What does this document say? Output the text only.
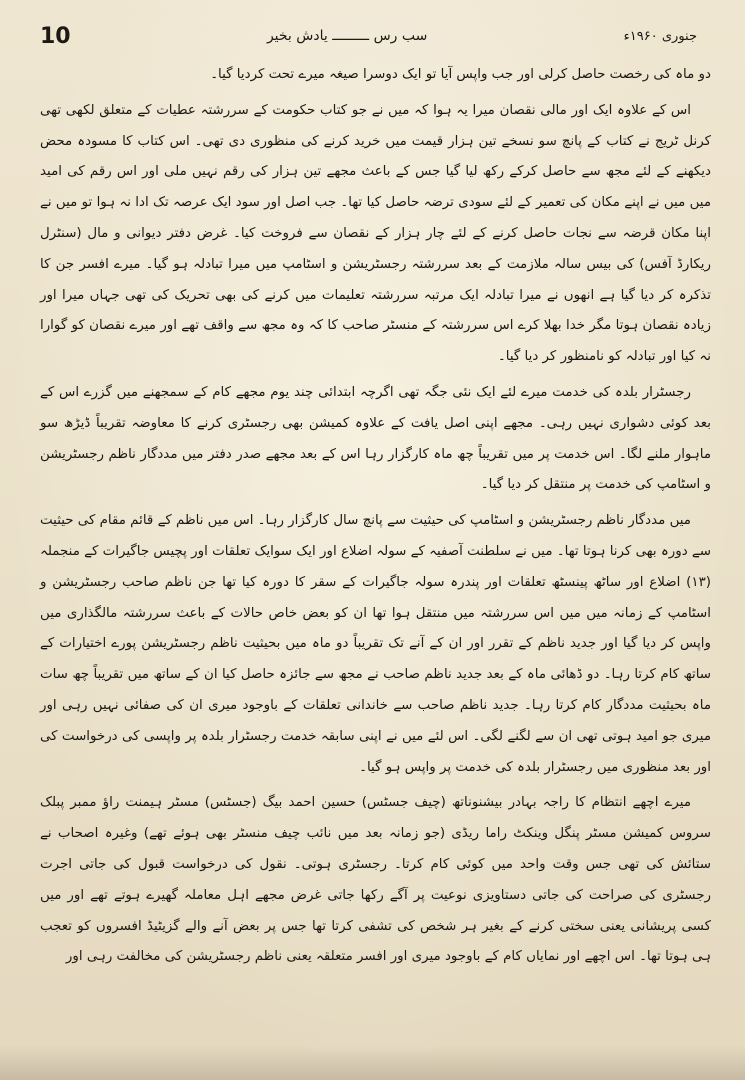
10	سب رس ـــــــــ یادش بخیر	جنوری ۱۹۶۰ء

دو ماہ کی رخصت حاصل کرلی اور جب واپس آیا تو ایک دوسرا صیغہ میرے تحت کردیا گیا۔

اس کے علاوہ ایک اور مالی نقصان میرا یہ ہوا کہ میں نے جو کتاب حکومت کے سررشتہ عطیات کے متعلق لکھی تھی کرنل ٹریج نے کتاب کے پانچ سو نسخے تین ہزار قیمت میں خرید کرنے کی منظوری دی تھی۔ اس کتاب کا مسودہ محض دیکھنے کے لئے مجھ سے حاصل کرکے رکھ لیا گیا جس کے باعث مجھے تین ہزار کی رقم نہیں ملی اور اس رقم کی امید میں میں نے اپنے مکان کی تعمیر کے لئے سودی ترضہ حاصل کیا تھا۔ جب اصل اور سود ایک عرصہ تک ادا نہ ہوا تو میں نے اپنا مکان قرضہ سے نجات حاصل کرنے کے لئے چار ہزار کے نقصان سے فروخت کیا۔ غرض دفتر دیوانی و مال (سنٹرل ریکارڈ آفس) کی بیس سالہ ملازمت کے بعد سررشتہ رجسٹریشن و اسٹامپ میں میرا تبادلہ ہو گیا۔ میرے افسر جن کا تذکرہ کر دیا گیا ہے انھوں نے میرا تبادلہ ایک مرتبہ سررشتہ تعلیمات میں کرنے کی بھی تحریک کی تھی جہاں میرا اور زیادہ نقصان ہوتا مگر خدا بھلا کرے اس سررشتہ کے منسٹر صاحب کا کہ وہ مجھ سے واقف تھے اور میرے نقصان کو گوارا نہ کیا اور تبادلہ کو نامنظور کر دیا گیا۔

رجسٹرار بلدہ کی خدمت میرے لئے ایک نئی جگہ تھی اگرچہ ابتدائی چند یوم مجھے کام کے سمجھنے میں گزرے اس کے بعد کوئی دشواری نہیں رہی۔ مجھے اپنی اصل یافت کے علاوہ کمیشن بھی رجسٹری کرنے کا معاوضہ تقریباً ڈیڑھ سو ماہوار ملنے لگا۔ اس خدمت پر میں تقریباً چھ ماہ کارگزار رہا اس کے بعد مجھے صدر دفتر میں مددگار ناظم رجسٹریشن و اسٹامپ کی خدمت پر منتقل کر دیا گیا۔

میں مددگار ناظم رجسٹریشن و اسٹامپ کی حیثیت سے پانچ سال کارگزار رہا۔ اس میں ناظم کے قائم مقام کی حیثیت سے دورہ بھی کرنا ہوتا تھا۔ میں نے سلطنت آصفیہ کے سولہ اضلاع اور ایک سوایک تعلقات اور پچیس جاگیرات کے منجملہ (۱۳) اضلاع اور ساٹھ پینسٹھ تعلقات اور پندرہ سولہ جاگیرات کے سقر کا دورہ کیا تھا جن ناظم صاحب رجسٹریشن و اسٹامپ کے زمانہ میں میں اس سررشتہ میں منتقل ہوا تھا ان کو بعض خاص حالات کے باعث سررشتہ مالگذاری میں واپس کر دیا گیا اور جدید ناظم کے تقرر اور ان کے آنے تک تقریباً دو ماہ میں بحیثیت ناظم رجسٹریشن پورے اختیارات کے ساتھ کام کرتا رہا۔ دو ڈھائی ماہ کے بعد جدید ناظم صاحب نے مجھ سے جائزہ حاصل کیا ان کے ساتھ میں تقریباً چھ سات ماہ بحیثیت مددگار کام کرتا رہا۔ جدید ناظم صاحب سے خاندانی تعلقات کے باوجود میری ان کی صفائی نہیں رہی اور میری جو امید ہوتی تھی ان سے لگنے لگی۔ اس لئے میں نے اپنی سابقہ خدمت رجسٹرار بلدہ پر واپسی کی درخواست کی اور بعد منظوری میں رجسٹرار بلدہ کی خدمت پر واپس ہو گیا۔

میرے اچھے انتظام کا راجہ بہادر بیشنوناتھ (چیف جسٹس) حسین احمد بیگ (جسٹس) مسٹر ہیمنت راؤ ممبر پبلک سروس کمیشن مسٹر پنگل وینکٹ راما ریڈی (جو زمانہ بعد میں نائب چیف منسٹر بھی ہوئے تھے) وغیرہ اصحاب نے ستائش کی تھی جس وقت واحد میں کوئی کام کرتا۔ رجسٹری ہوتی۔ نقول کی درخواست قبول کی جاتی اجرت رجسٹری کی صراحت کی جاتی دستاویزی نوعیت پر آگے رکھا جاتی غرض مجھے اہل معاملہ گھیرے ہوتے تھے اور میں کسی پریشانی یعنی سختی کرنے کے بغیر ہر شخص کی تشفی کرتا تھا جس پر بعض آنے والے گزیٹیڈ افسروں کو تعجب ہی ہوتا تھا۔ اس اچھے اور نمایاں کام کے باوجود میری اور افسر متعلقہ یعنی ناظم رجسٹریشن کی مخالفت رہی اور
